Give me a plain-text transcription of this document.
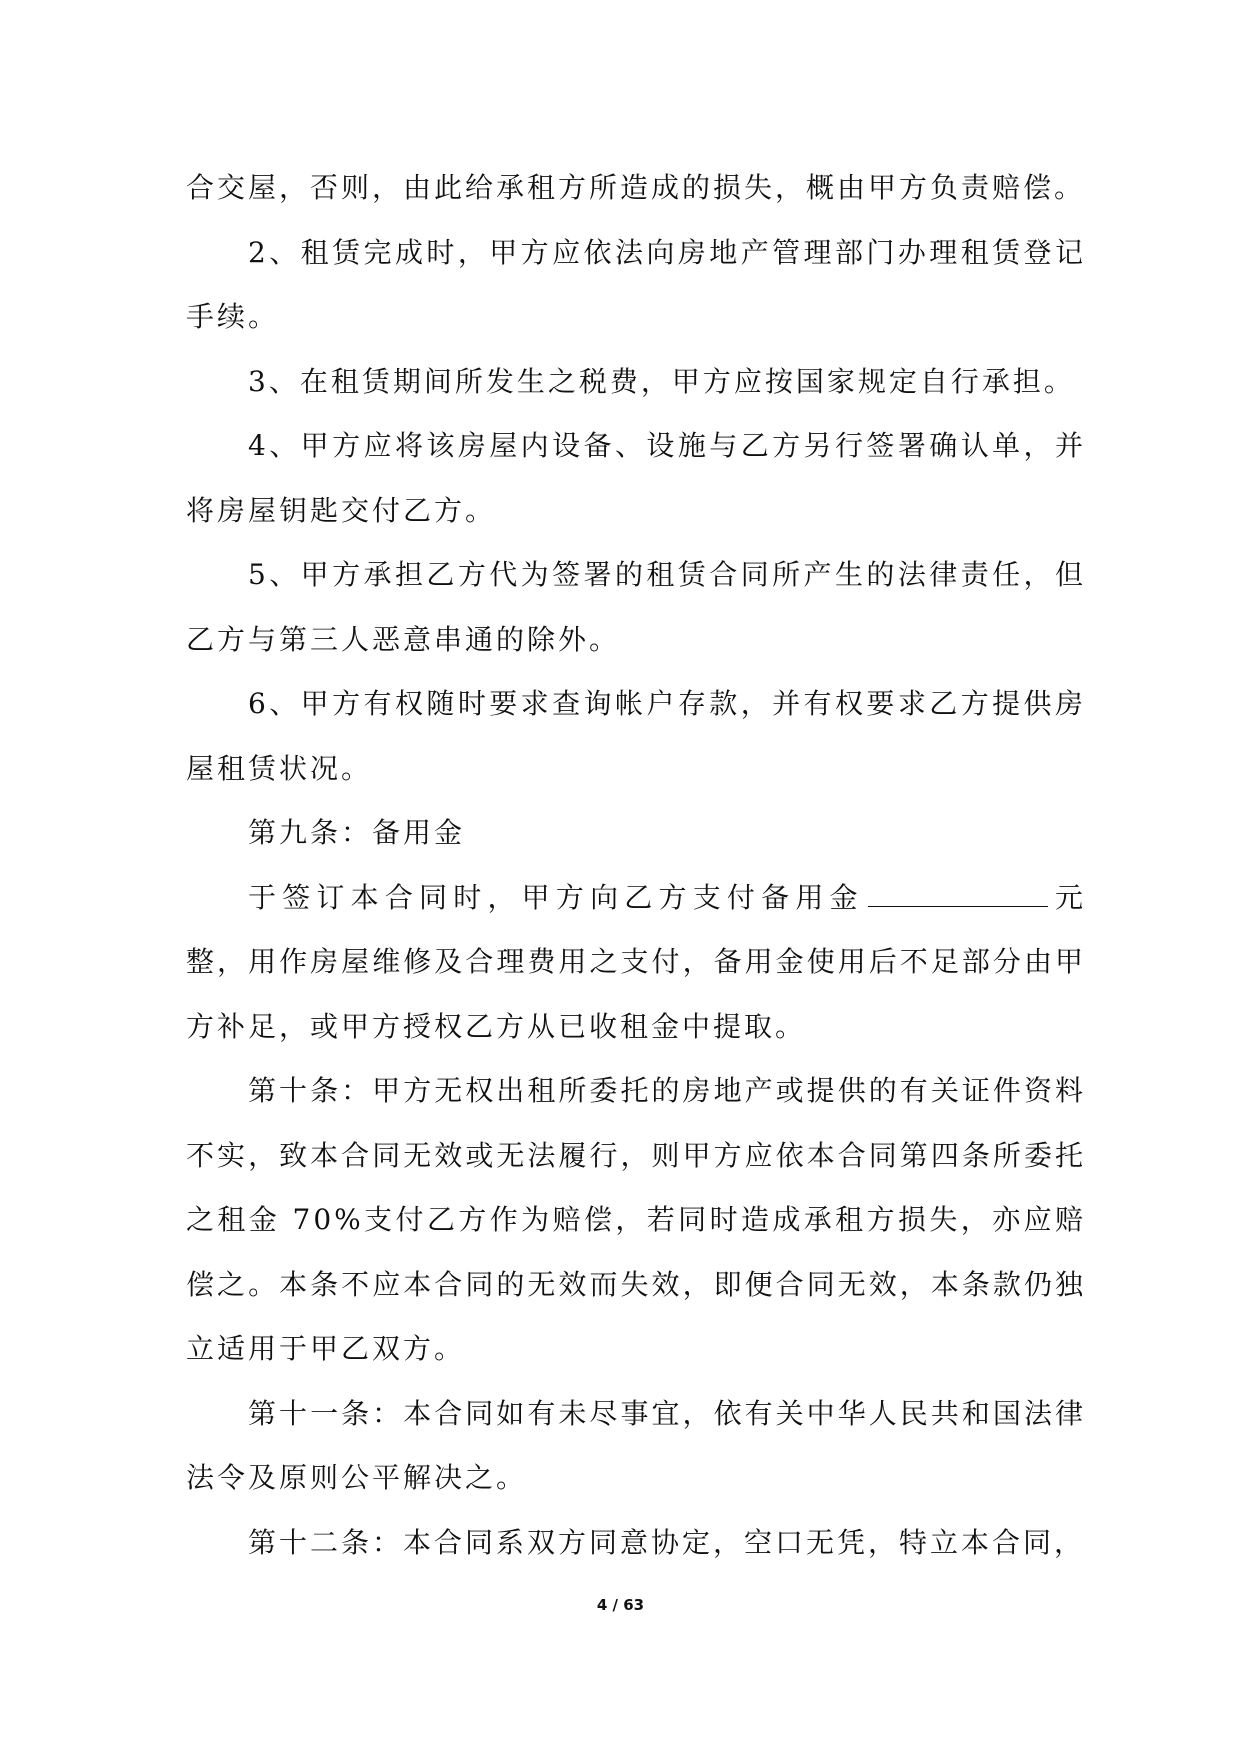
合交屋，否则，由此给承租方所造成的损失，概由甲方负责赔偿。

2、租赁完成时，甲方应依法向房地产管理部门办理租赁登记手续。

3、在租赁期间所发生之税费，甲方应按国家规定自行承担。

4、甲方应将该房屋内设备、设施与乙方另行签署确认单，并将房屋钥匙交付乙方。

5、甲方承担乙方代为签署的租赁合同所产生的法律责任，但乙方与第三人恶意串通的除外。

6、甲方有权随时要求查询帐户存款，并有权要求乙方提供房屋租赁状况。

第九条：备用金

于签订本合同时，甲方向乙方支付备用金	元整，用作房屋维修及合理费用之支付，备用金使用后不足部分由甲方补足，或甲方授权乙方从已收租金中提取。

第十条：甲方无权出租所委托的房地产或提供的有关证件资料不实，致本合同无效或无法履行，则甲方应依本合同第四条所委托之租金 70%支付乙方作为赔偿，若同时造成承租方损失，亦应赔偿之。本条不应本合同的无效而失效，即便合同无效，本条款仍独立适用于甲乙双方。

第十一条：本合同如有未尽事宜，依有关中华人民共和国法律法令及原则公平解决之。

第十二条：本合同系双方同意协定，空口无凭，特立本合同，

4 / 63
